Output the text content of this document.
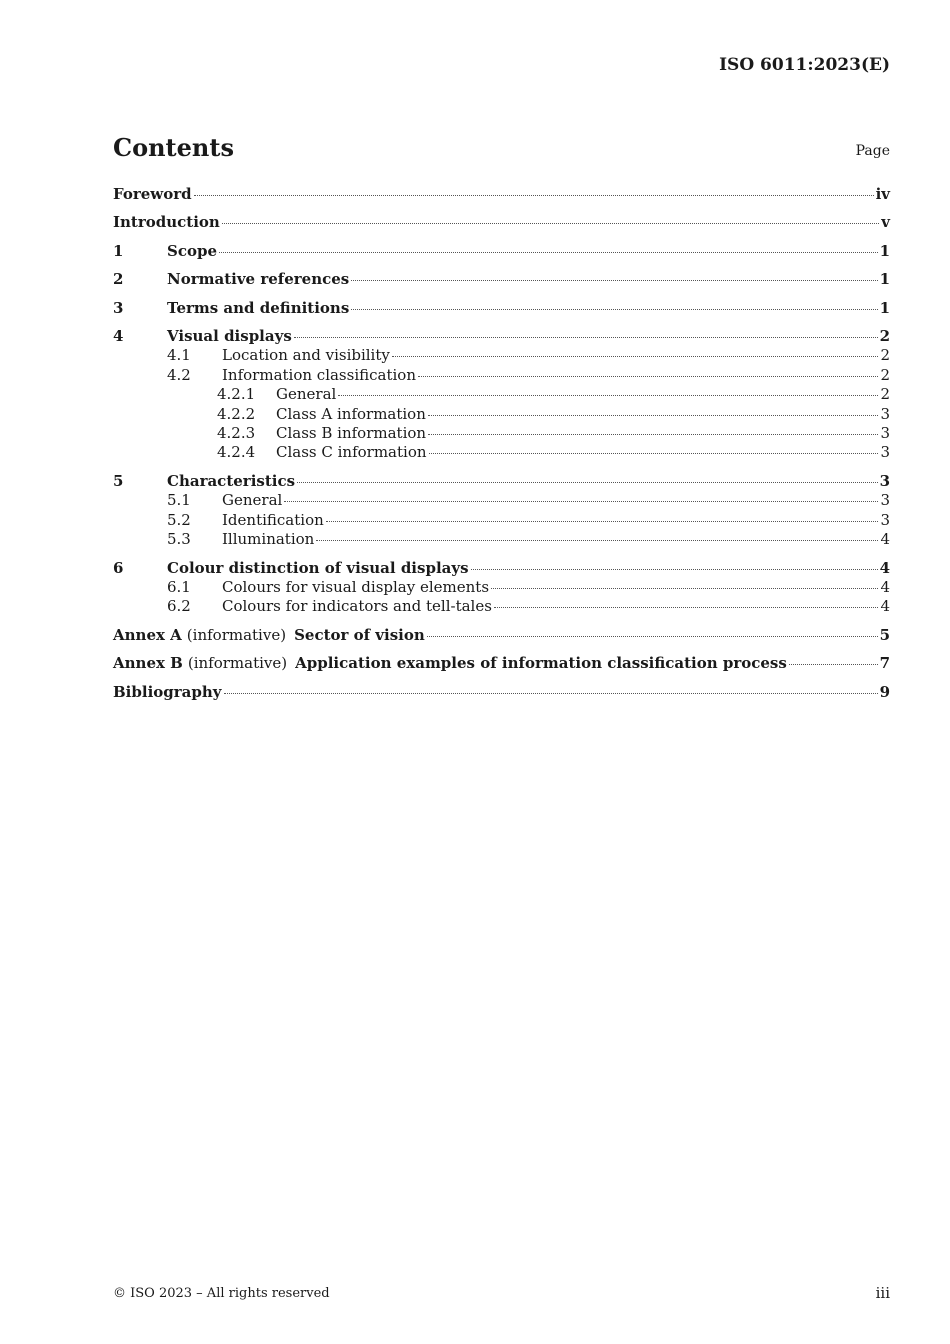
ISO 6011:2023(E)
Contents	Page
Foreword	iv
Introduction	v
1	Scope	1
2	Normative references	1
3	Terms and definitions	1
4	Visual displays	2
4.1	Location and visibility	2
4.2	Information classification	2
4.2.1	General	2
4.2.2	Class A information	3
4.2.3	Class B information	3
4.2.4	Class C information	3
5	Characteristics	3
5.1	General	3
5.2	Identification	3
5.3	Illumination	4
6	Colour distinction of visual displays	4
6.1	Colours for visual display elements	4
6.2	Colours for indicators and tell-tales	4
Annex A (informative) Sector of vision	5
Annex B (informative) Application examples of information classification process	7
Bibliography	9
© ISO 2023 – All rights reserved	iii
